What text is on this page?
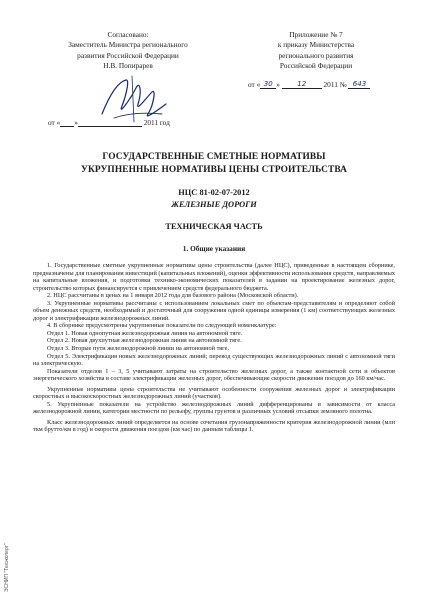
Согласовано:
Заместитель Министра регионального
развития Российской Федерации
Н.В. Попирарев
от « »	2011 год
Приложение № 7
к приказу Министерства
регионального развития
Российской Федерации
от « 30 » 12 2011 № 643
ГОСУДАРСТВЕННЫЕ СМЕТНЫЕ НОРМАТИВЫ
УКРУПНЕННЫЕ НОРМАТИВЫ ЦЕНЫ СТРОИТЕЛЬСТВА
НЦС 81-02-07-2012
ЖЕЛЕЗНЫЕ ДОРОГИ
ТЕХНИЧЕСКАЯ ЧАСТЬ
1. Общие указания

1. Государственные сметные укрупненные нормативы цены строительства (далее НЦС), приведенные в настоящем сборнике, предназначены для планирования инвестиций (капитальных вложений), оценки эффективности использования средств, направляемых на капитальные вложения, и подготовки технико-экономических показателей в задании на проектирование железных дорог, строительство которых финансируется с привлечением средств федерального бюджета.

2. НЦС рассчитаны в ценах на 1 января 2012 года для базового района (Московской области).

3. Укрупненные нормативы рассчитаны с использованием локальных смет по объектам-представителям и определяют собой объем денежных средств, необходимый и достаточный для сооружения одной единицы измерения (1 км) соответствующих железных дорог и электрификации железнодорожных линий.

4. В сборнике предусмотрены укрупненные показатели по следующей номенклатуре:

Отдел 1. Новая однопутная железнодорожная линия на автономной тяге.

Отдел 2. Новая двухпутная железнодорожная линия на автономной тяге.

Отдел 3. Вторые пути железнодорожной линии на автономной тяге.

Отдел 5. Электрификация новых железнодорожных линий; перевод существующих железнодорожных линий с автономной тяги на электрическую.

Показатели отделов 1 – 3, 5 учитывают затраты на строительство железных дорог, а также контактной сети и объектов энергетического хозяйства в составе электрификации железных дорог, обеспечивающие скорости движения поездов до 160 км/час.

Укрупненные нормативы цены строительства не учитывают особенности сооружения железных дорог и электрификации скоростных и высокоскоростных железнодорожных линий (участков).

5. Укрупненные показатели на устройство железнодорожных линий дифференцированы в зависимости от класса железнодорожной линии, категории местности по рельефу, группы грунтов и различных условий отсыпки земляного полотна.

Класс железнодорожных линий определяется на основе сочетания грузонапряженности критерия железнодорожной линии (млн ткм брутто/км в год) и скорости движения поездов (км час) по данным таблицы 1.

ЭСНИП "Техэксперт"
